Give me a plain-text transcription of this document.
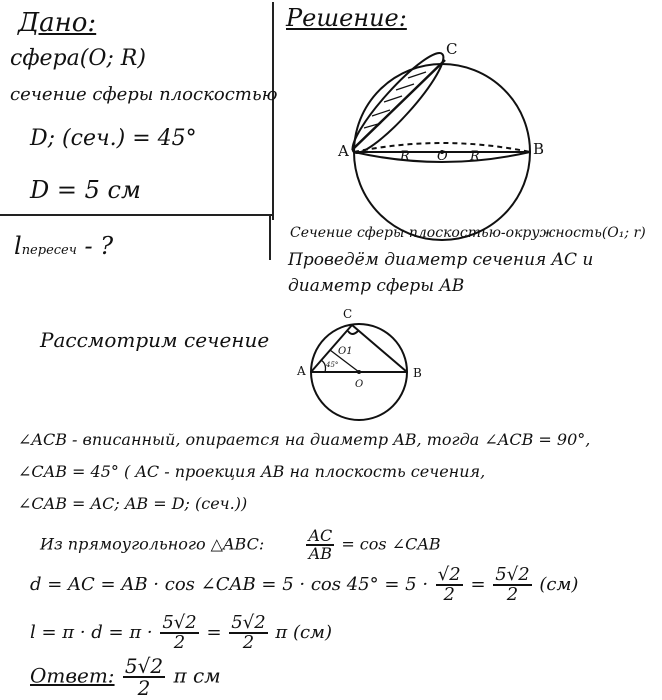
Дано:
сфера(O; R)
сечение сферы плоскостью
D; (сеч.) = 45°
D = 5 см
lпересеч - ?
Решение:
C
A	B
R O R
Сечение сферы плоскостью-окружность(O₁; r)
Проведём диаметр сечения AC и
диаметр сферы AB
Рассмотрим сечение
C
A	B
O
O1
45°
∠ACB - вписанный, опирается на диаметр AB, тогда ∠ACB = 90°,
∠CAB = 45° ( AC - проекция AB на плоскость сечения,
∠CAB = AC; AB = D; (сеч.))
Из прямоугольного △ABC:	$\frac{AC}{AB} = \cos$ ∠CAB
d = AC = AB · cos ∠CAB = $5 \cdot \cos 45^\circ = 5 \cdot \frac{√2}{2} = \frac{5√2}{2} (см)$
$l = \pi \cdot d = \pi \cdot \frac{5√2}{2} = \frac{5√2}{2}$ π (см)
Ответ: $\frac{5√2}{2}$ π см
